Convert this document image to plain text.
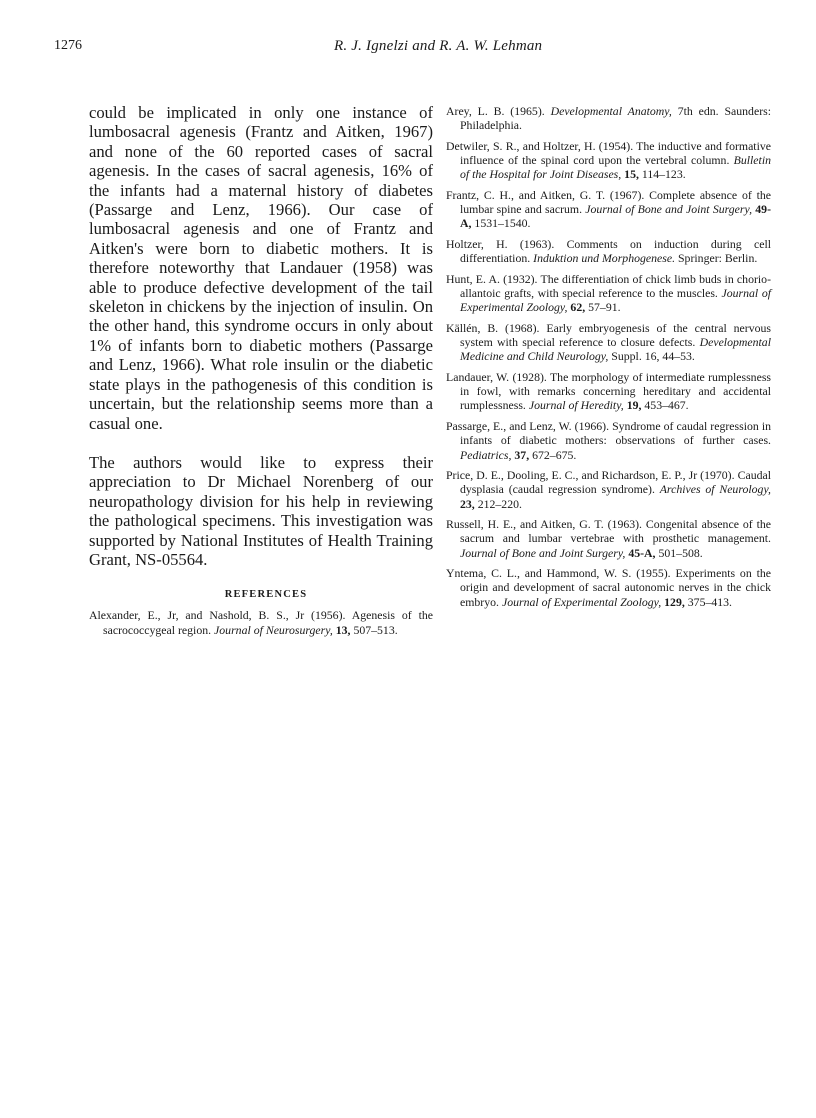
1276	R. J. Ignelzi and R. A. W. Lehman

could be implicated in only one instance of lumbosacral agenesis (Frantz and Aitken, 1967) and none of the 60 reported cases of sacral agenesis. In the cases of sacral agenesis, 16% of the infants had a maternal history of diabetes (Passarge and Lenz, 1966). Our case of lumbosacral agenesis and one of Frantz and Aitken's were born to diabetic mothers. It is therefore noteworthy that Landauer (1958) was able to produce defective development of the tail skeleton in chickens by the injection of insulin. On the other hand, this syndrome occurs in only about 1% of infants born to diabetic mothers (Passarge and Lenz, 1966). What role insulin or the diabetic state plays in the pathogenesis of this condition is uncertain, but the relationship seems more than a casual one.

The authors would like to express their appreciation to Dr Michael Norenberg of our neuropathology division for his help in reviewing the pathological specimens. This investigation was supported by National Institutes of Health Training Grant, NS-05564.

REFERENCES

Alexander, E., Jr, and Nashold, B. S., Jr (1956). Agenesis of the sacrococcygeal region. Journal of Neurosurgery, 13, 507–513.

Arey, L. B. (1965). Developmental Anatomy, 7th edn. Saunders: Philadelphia.

Detwiler, S. R., and Holtzer, H. (1954). The inductive and formative influence of the spinal cord upon the vertebral column. Bulletin of the Hospital for Joint Diseases, 15, 114–123.

Frantz, C. H., and Aitken, G. T. (1967). Complete absence of the lumbar spine and sacrum. Journal of Bone and Joint Surgery, 49-A, 1531–1540.

Holtzer, H. (1963). Comments on induction during cell differentiation. Induktion und Morphogenese. Springer: Berlin.

Hunt, E. A. (1932). The differentiation of chick limb buds in chorio-allantoic grafts, with special reference to the muscles. Journal of Experimental Zoology, 62, 57–91.

Källén, B. (1968). Early embryogenesis of the central nervous system with special reference to closure defects. Developmental Medicine and Child Neurology, Suppl. 16, 44–53.

Landauer, W. (1928). The morphology of intermediate rumplessness in fowl, with remarks concerning hereditary and accidental rumplessness. Journal of Heredity, 19, 453–467.

Passarge, E., and Lenz, W. (1966). Syndrome of caudal regression in infants of diabetic mothers: observations of further cases. Pediatrics, 37, 672–675.

Price, D. E., Dooling, E. C., and Richardson, E. P., Jr (1970). Caudal dysplasia (caudal regression syndrome). Archives of Neurology, 23, 212–220.

Russell, H. E., and Aitken, G. T. (1963). Congenital absence of the sacrum and lumbar vertebrae with prosthetic management. Journal of Bone and Joint Surgery, 45-A, 501–508.

Yntema, C. L., and Hammond, W. S. (1955). Experiments on the origin and development of sacral autonomic nerves in the chick embryo. Journal of Experimental Zoology, 129, 375–413.
